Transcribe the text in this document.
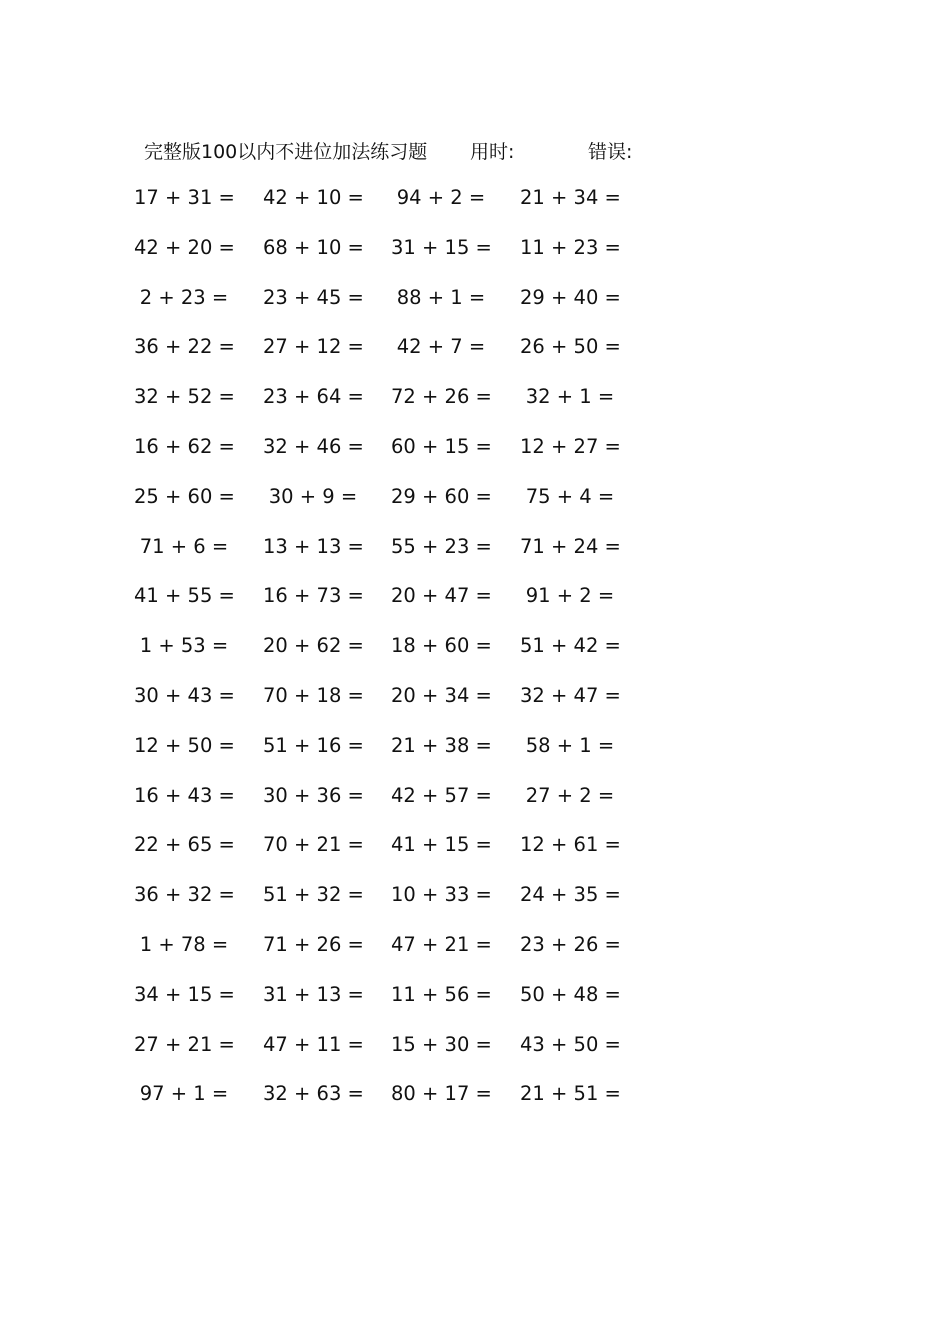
完整版100以内不进位加法练习题 用时:	错误:
17 + 31 = 42 + 10 = 94 + 2 = 21 + 34 =
42 + 20 = 68 + 10 = 31 + 15 = 11 + 23 =
2 + 23 = 23 + 45 = 88 + 1 = 29 + 40 =
36 + 22 = 27 + 12 = 42 + 7 = 26 + 50 =
32 + 52 = 23 + 64 = 72 + 26 = 32 + 1 =
16 + 62 = 32 + 46 = 60 + 15 = 12 + 27 =
25 + 60 = 30 + 9 = 29 + 60 = 75 + 4 =
71 + 6 = 13 + 13 = 55 + 23 = 71 + 24 =
41 + 55 = 16 + 73 = 20 + 47 = 91 + 2 =
1 + 53 = 20 + 62 = 18 + 60 = 51 + 42 =
30 + 43 = 70 + 18 = 20 + 34 = 32 + 47 =
12 + 50 = 51 + 16 = 21 + 38 = 58 + 1 =
16 + 43 = 30 + 36 = 42 + 57 = 27 + 2 =
22 + 65 = 70 + 21 = 41 + 15 = 12 + 61 =
36 + 32 = 51 + 32 = 10 + 33 = 24 + 35 =
1 + 78 = 71 + 26 = 47 + 21 = 23 + 26 =
34 + 15 = 31 + 13 = 11 + 56 = 50 + 48 =
27 + 21 = 47 + 11 = 15 + 30 = 43 + 50 =
97 + 1 = 32 + 63 = 80 + 17 = 21 + 51 =
